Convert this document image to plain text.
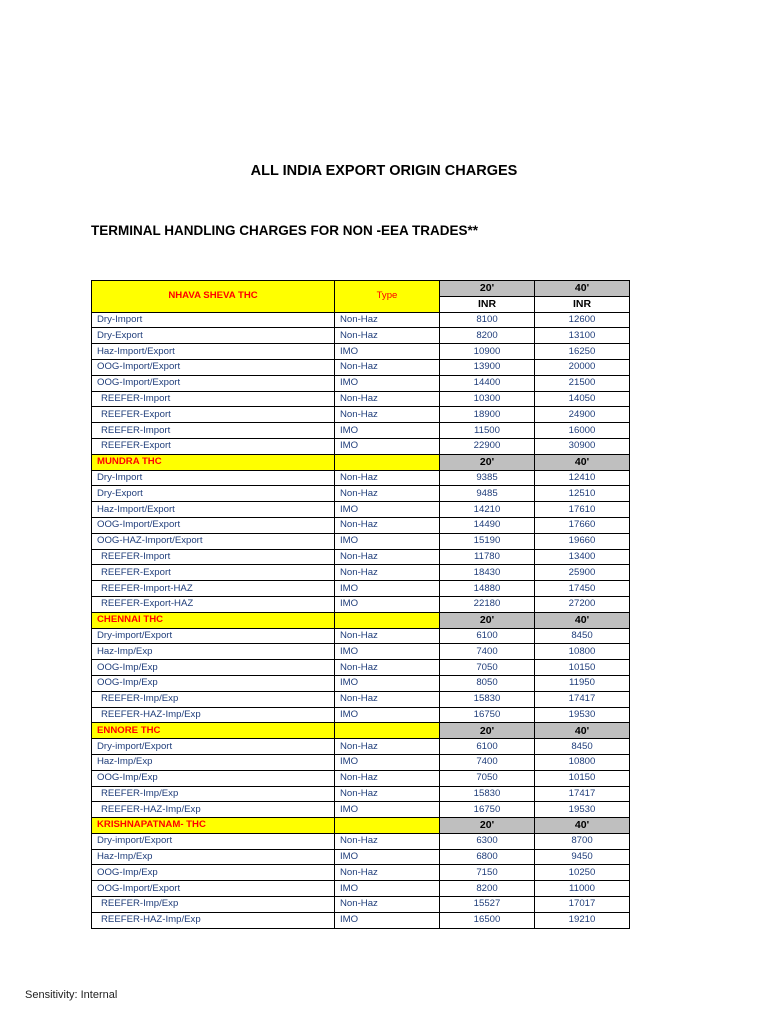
ALL INDIA EXPORT ORIGIN CHARGES
TERMINAL HANDLING CHARGES FOR NON -EEA TRADES**
NHAVA SHEVA THC	Type	20'	40'
		INR	INR
Dry-Import	Non-Haz	8100	12600
Dry-Export	Non-Haz	8200	13100
Haz-Import/Export	IMO	10900	16250
OOG-Import/Export	Non-Haz	13900	20000
OOG-Import/Export	IMO	14400	21500
REEFER-Import	Non-Haz	10300	14050
REEFER-Export	Non-Haz	18900	24900
REEFER-Import	IMO	11500	16000
REEFER-Export	IMO	22900	30900
MUNDRA THC		20'	40'
Dry-Import	Non-Haz	9385	12410
Dry-Export	Non-Haz	9485	12510
Haz-Import/Export	IMO	14210	17610
OOG-Import/Export	Non-Haz	14490	17660
OOG-HAZ-Import/Export	IMO	15190	19660
REEFER-Import	Non-Haz	11780	13400
REEFER-Export	Non-Haz	18430	25900
REEFER-Import-HAZ	IMO	14880	17450
REEFER-Export-HAZ	IMO	22180	27200
CHENNAI THC		20'	40'
Dry-import/Export	Non-Haz	6100	8450
Haz-Imp/Exp	IMO	7400	10800
OOG-Imp/Exp	Non-Haz	7050	10150
OOG-Imp/Exp	IMO	8050	11950
REEFER-Imp/Exp	Non-Haz	15830	17417
REEFER-HAZ-Imp/Exp	IMO	16750	19530
ENNORE THC		20'	40'
Dry-import/Export	Non-Haz	6100	8450
Haz-Imp/Exp	IMO	7400	10800
OOG-Imp/Exp	Non-Haz	7050	10150
REEFER-Imp/Exp	Non-Haz	15830	17417
REEFER-HAZ-Imp/Exp	IMO	16750	19530
KRISHNAPATNAM- THC		20'	40'
Dry-import/Export	Non-Haz	6300	8700
Haz-Imp/Exp	IMO	6800	9450
OOG-Imp/Exp	Non-Haz	7150	10250
OOG-Import/Export	IMO	8200	11000
REEFER-Imp/Exp	Non-Haz	15527	17017
REEFER-HAZ-Imp/Exp	IMO	16500	19210
Sensitivity: Internal
